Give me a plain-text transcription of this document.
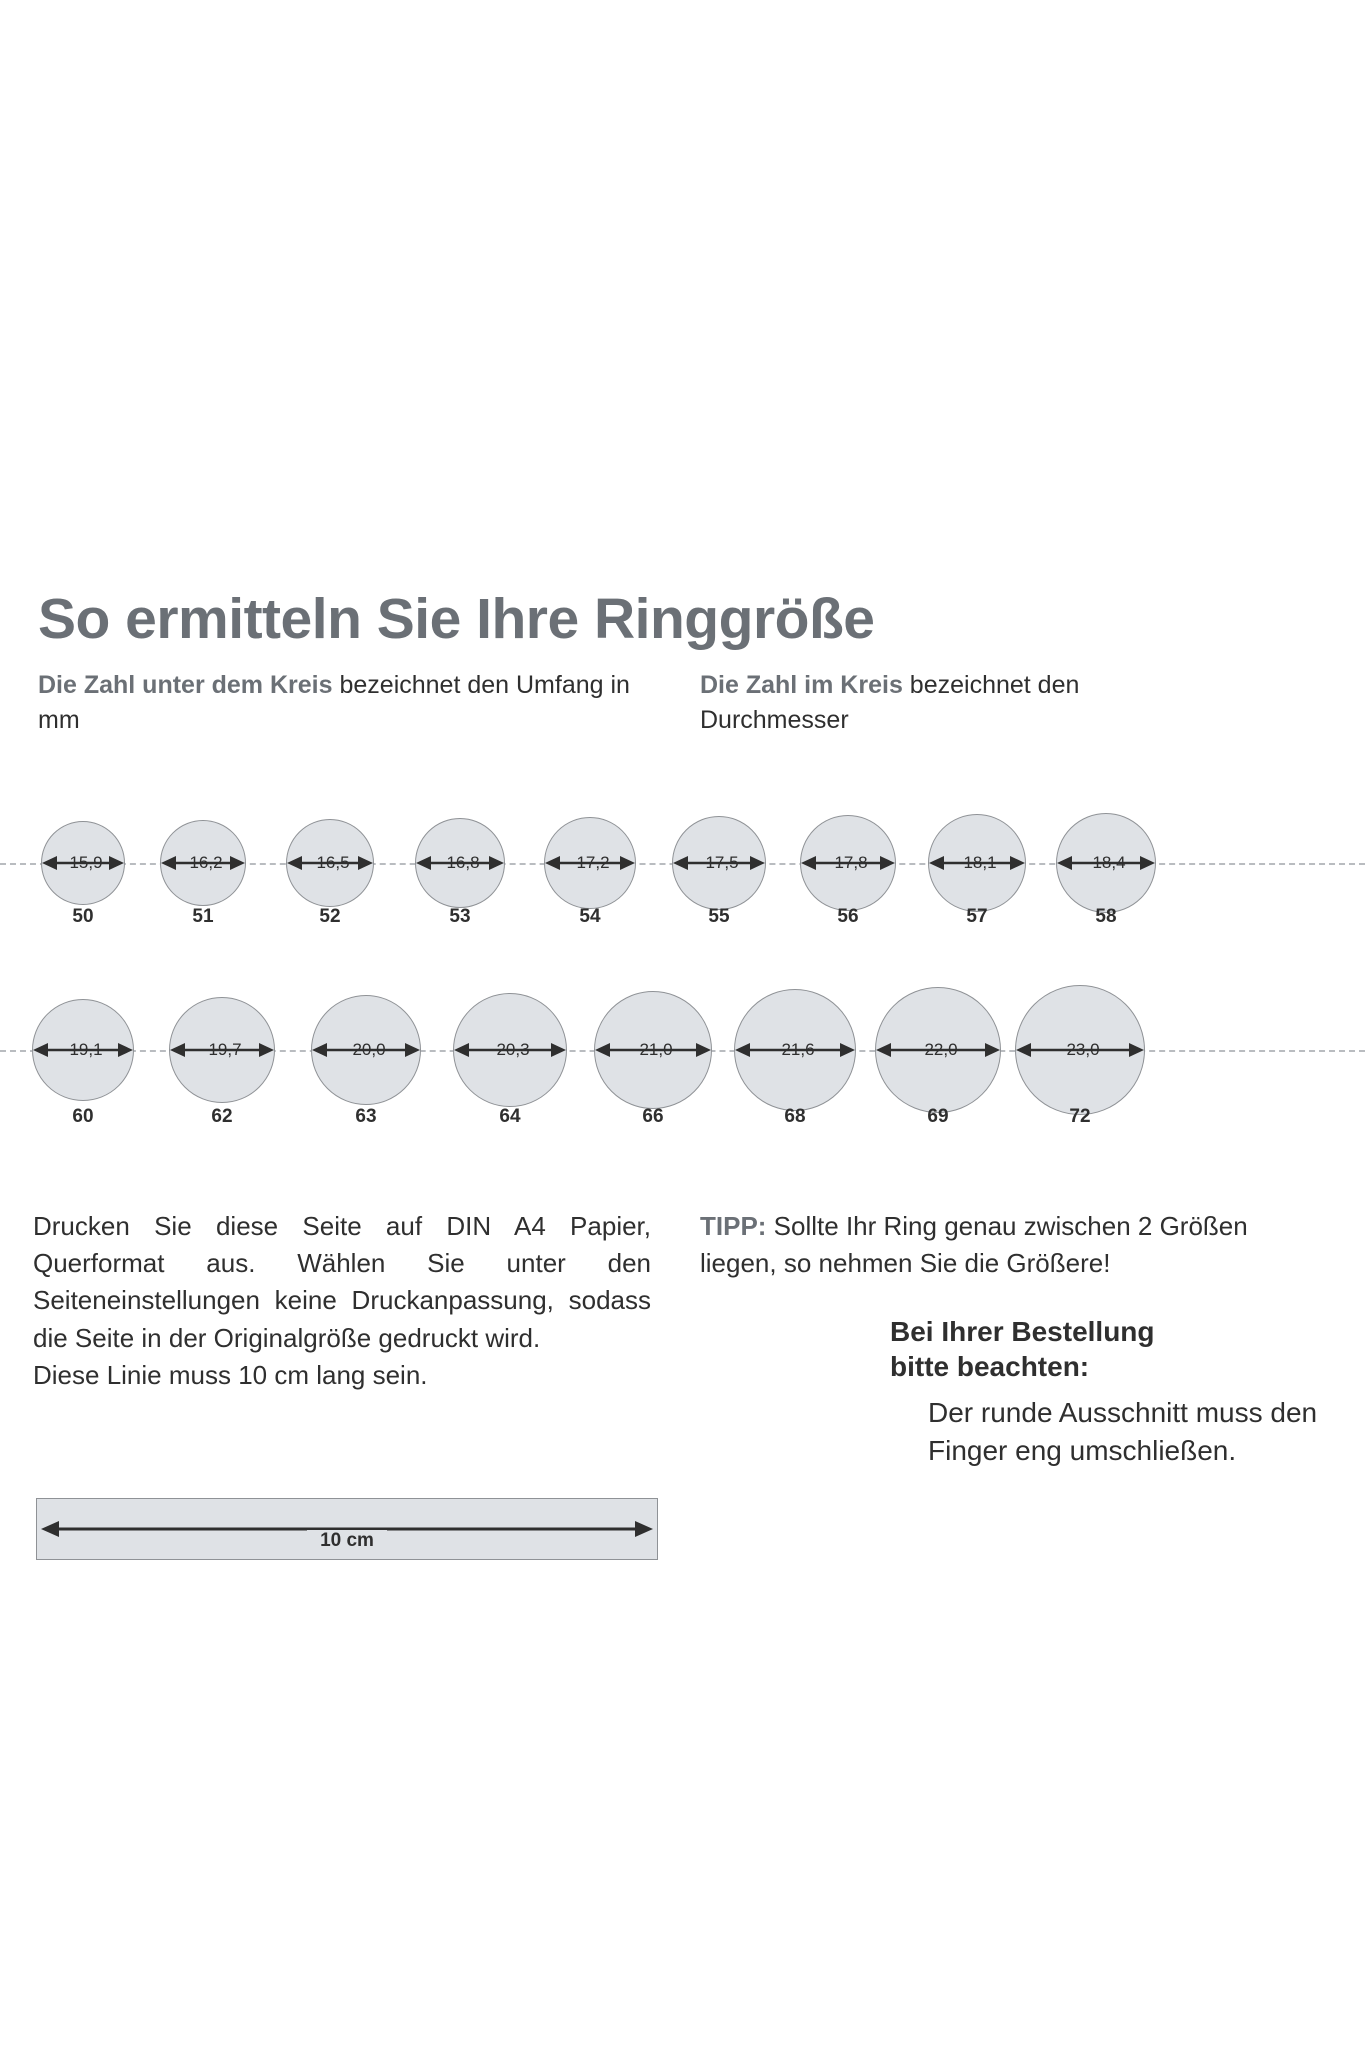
So ermitteln Sie Ihre Ringgröße
Die Zahl unter dem Kreis bezeichnet den Umfang in mm
Die Zahl im Kreis bezeichnet den
Durchmesser
15,9
50
16,2
51
16,5
52
16,8
53
17,2
54
17,5
55
17,8
56
18,1
57
18,4
58
19,1
60
19,7
62
20,0
63
20,3
64
21,0
66
21,6
68
22,0
69
23,0
72

Drucken Sie diese Seite auf DIN A4 Papier, Querformat aus. Wählen Sie unter den Seiteneinstellungen keine Druckanpassung, sodass die Seite in der Originalgröße gedruckt wird.

Diese Linie muss 10 cm lang sein.

10 cm
TIPP: Sollte Ihr Ring genau zwischen 2 Größen liegen, so nehmen Sie die Größere!
Bei Ihrer Bestellung
bitte beachten:
Der runde Ausschnitt muss den Finger eng umschließen.
